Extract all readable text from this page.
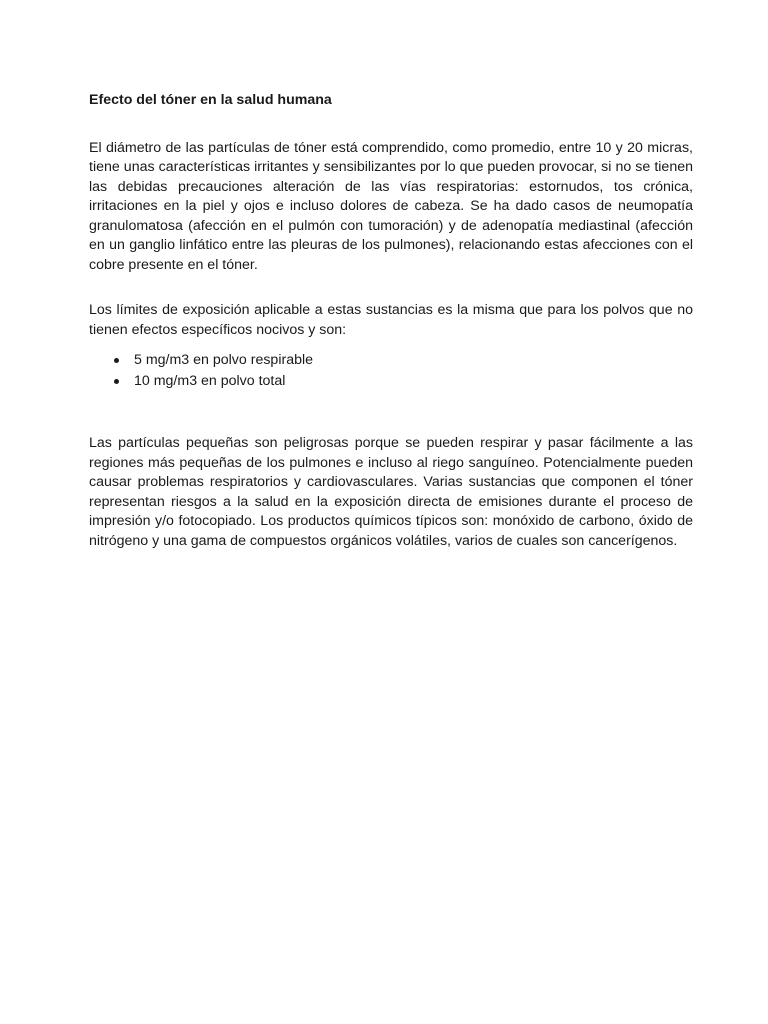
Efecto del tóner en la salud humana

El diámetro de las partículas de tóner está comprendido, como promedio, entre 10 y 20 micras, tiene unas características irritantes y sensibilizantes por lo que pueden provocar, si no se tienen las debidas precauciones alteración de las vías respiratorias: estornudos, tos crónica, irritaciones en la piel y ojos e incluso dolores de cabeza. Se ha dado casos de neumopatía granulomatosa (afección en el pulmón con tumoración) y de adenopatía mediastinal (afección en un ganglio linfático entre las pleuras de los pulmones), relacionando estas afecciones con el cobre presente en el tóner.

Los límites de exposición aplicable a estas sustancias es la misma que para los polvos que no tienen efectos específicos nocivos y son:

5 mg/m3 en polvo respirable
10 mg/m3 en polvo total

Las partículas pequeñas son peligrosas porque se pueden respirar y pasar fácilmente a las regiones más pequeñas de los pulmones e incluso al riego sanguíneo. Potencialmente pueden causar problemas respiratorios y cardiovasculares. Varias sustancias que componen el tóner representan riesgos a la salud en la exposición directa de emisiones durante el proceso de impresión y/o fotocopiado. Los productos químicos típicos son: monóxido de carbono, óxido de nitrógeno y una gama de compuestos orgánicos volátiles, varios de cuales son cancerígenos.
